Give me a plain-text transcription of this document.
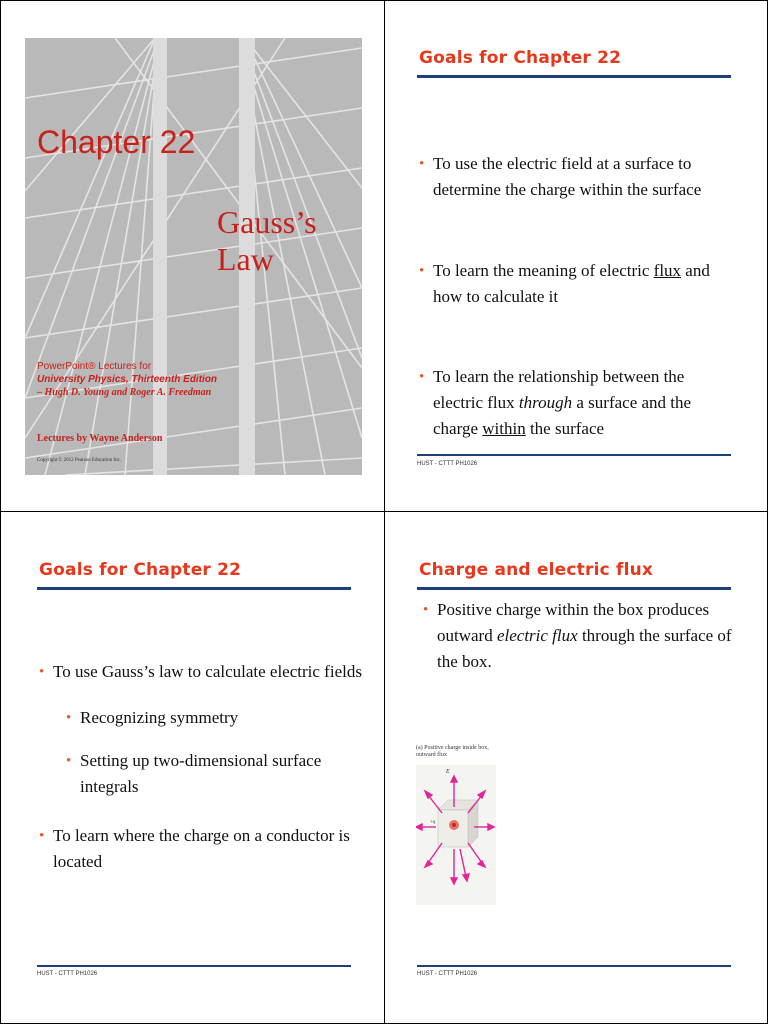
Chapter 22
Gauss’s Law
PowerPoint® Lectures for
University Physics, Thirteenth Edition
– Hugh D. Young and Roger A. Freedman
Lectures by Wayne Anderson
Copyright © 2012 Pearson Education Inc.
Goals for Chapter 22
• To use the electric field at a surface to determine the charge within the surface
• To learn the meaning of electric flux and how to calculate it
• To learn the relationship between the electric flux through a surface and the charge within the surface
HUST - CTTT PH1026
Goals for Chapter 22
• To use Gauss’s law to calculate electric fields
• Recognizing symmetry
• Setting up two-dimensional surface integrals
• To learn where the charge on a conductor is located
HUST - CTTT PH1026
Charge and electric flux
• Positive charge within the box produces outward electric flux through the surface of the box.
(a) Positive charge inside box,
outward flux
E
+q
HUST - CTTT PH1026
